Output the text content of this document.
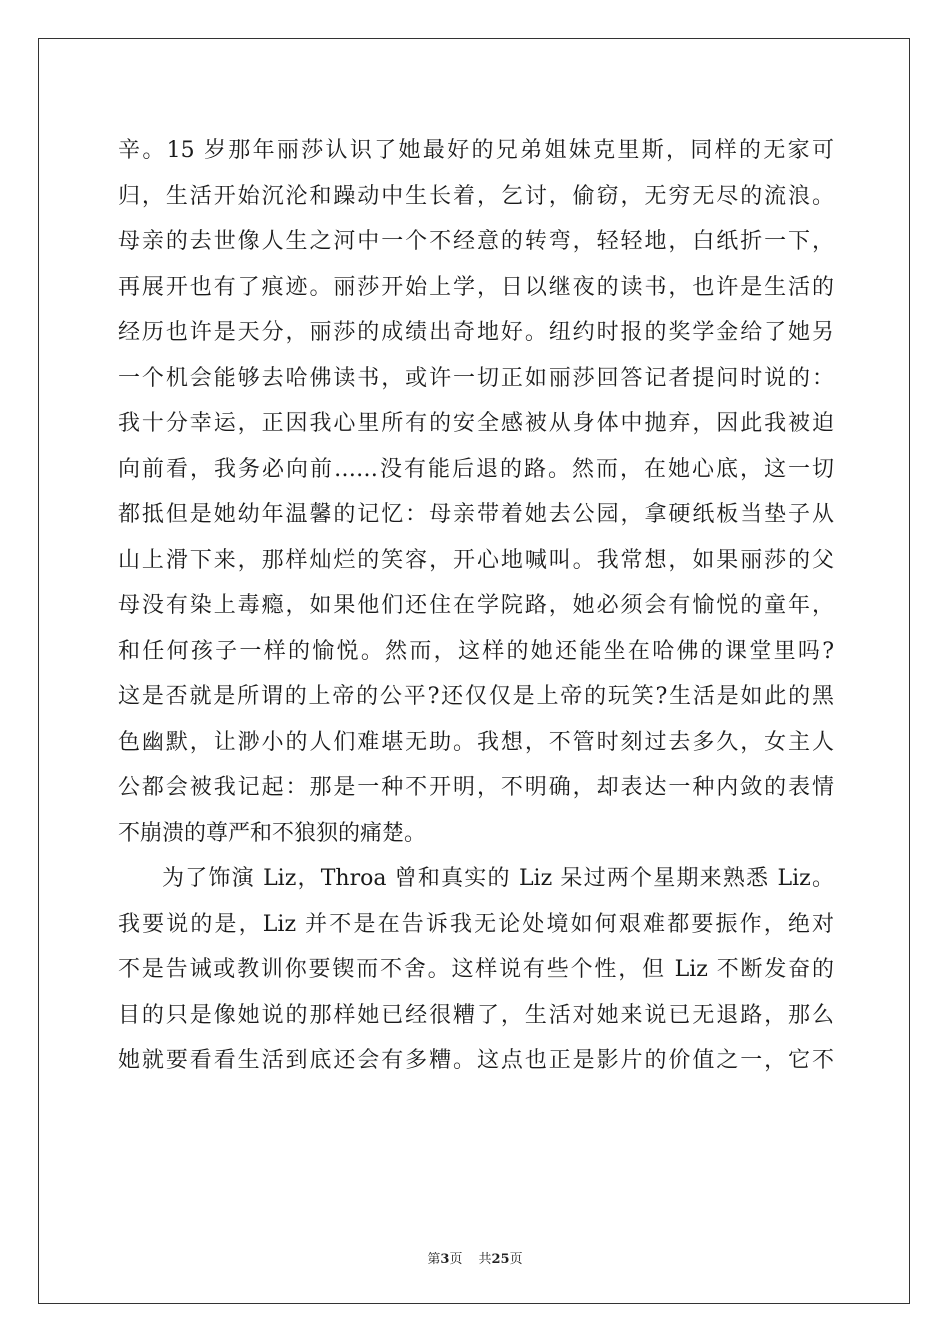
辛。15 岁那年丽莎认识了她最好的兄弟姐妹克里斯，同样的无家可
归，生活开始沉沦和躁动中生长着，乞讨，偷窃，无穷无尽的流浪。
母亲的去世像人生之河中一个不经意的转弯，轻轻地，白纸折一下，
再展开也有了痕迹。丽莎开始上学，日以继夜的读书，也许是生活的
经历也许是天分，丽莎的成绩出奇地好。纽约时报的奖学金给了她另
一个机会能够去哈佛读书，或许一切正如丽莎回答记者提问时说的：
我十分幸运，正因我心里所有的安全感被从身体中抛弃，因此我被迫
向前看，我务必向前……没有能后退的路。然而，在她心底，这一切
都抵但是她幼年温馨的记忆：母亲带着她去公园，拿硬纸板当垫子从
山上滑下来，那样灿烂的笑容，开心地喊叫。我常想，如果丽莎的父
母没有染上毒瘾，如果他们还住在学院路，她必须会有愉悦的童年，
和任何孩子一样的愉悦。然而，这样的她还能坐在哈佛的课堂里吗?
这是否就是所谓的上帝的公平?还仅仅是上帝的玩笑?生活是如此的黑
色幽默，让渺小的人们难堪无助。我想，不管时刻过去多久，女主人
公都会被我记起：那是一种不开明，不明确，却表达一种内敛的表情
不崩溃的尊严和不狼狈的痛楚。
为了饰演 Liz，Throa 曾和真实的 Liz 呆过两个星期来熟悉 Liz。
我要说的是，Liz 并不是在告诉我无论处境如何艰难都要振作，绝对
不是告诫或教训你要锲而不舍。这样说有些个性，但 Liz 不断发奋的
目的只是像她说的那样她已经很糟了，生活对她来说已无退路，那么
她就要看看生活到底还会有多糟。这点也正是影片的价值之一，它不
第3页 共25页
